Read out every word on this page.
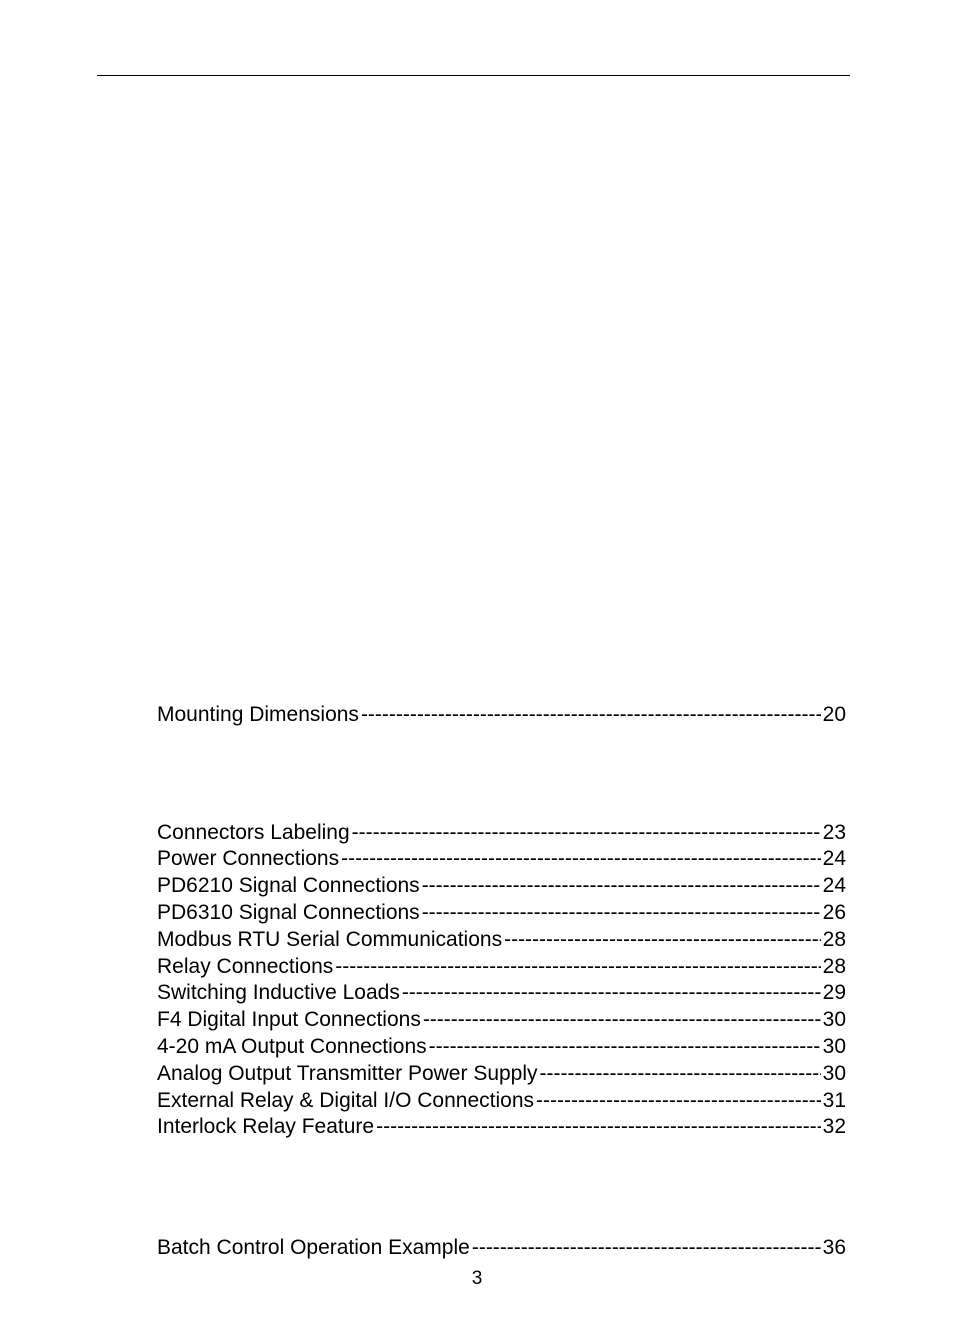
Mounting Dimensions -----	20
Connectors Labeling -----	23
Power Connections -----	24
PD6210 Signal Connections -----	24
PD6310 Signal Connections -----	26
Modbus RTU Serial Communications -----	28
Relay Connections -----	28
Switching Inductive Loads -----	29
F4 Digital Input Connections -----	30
4-20 mA Output Connections -----	30
Analog Output Transmitter Power Supply -----	30
External Relay & Digital I/O Connections -----	31
Interlock Relay Feature -----	32
Batch Control Operation Example -----	36
3
